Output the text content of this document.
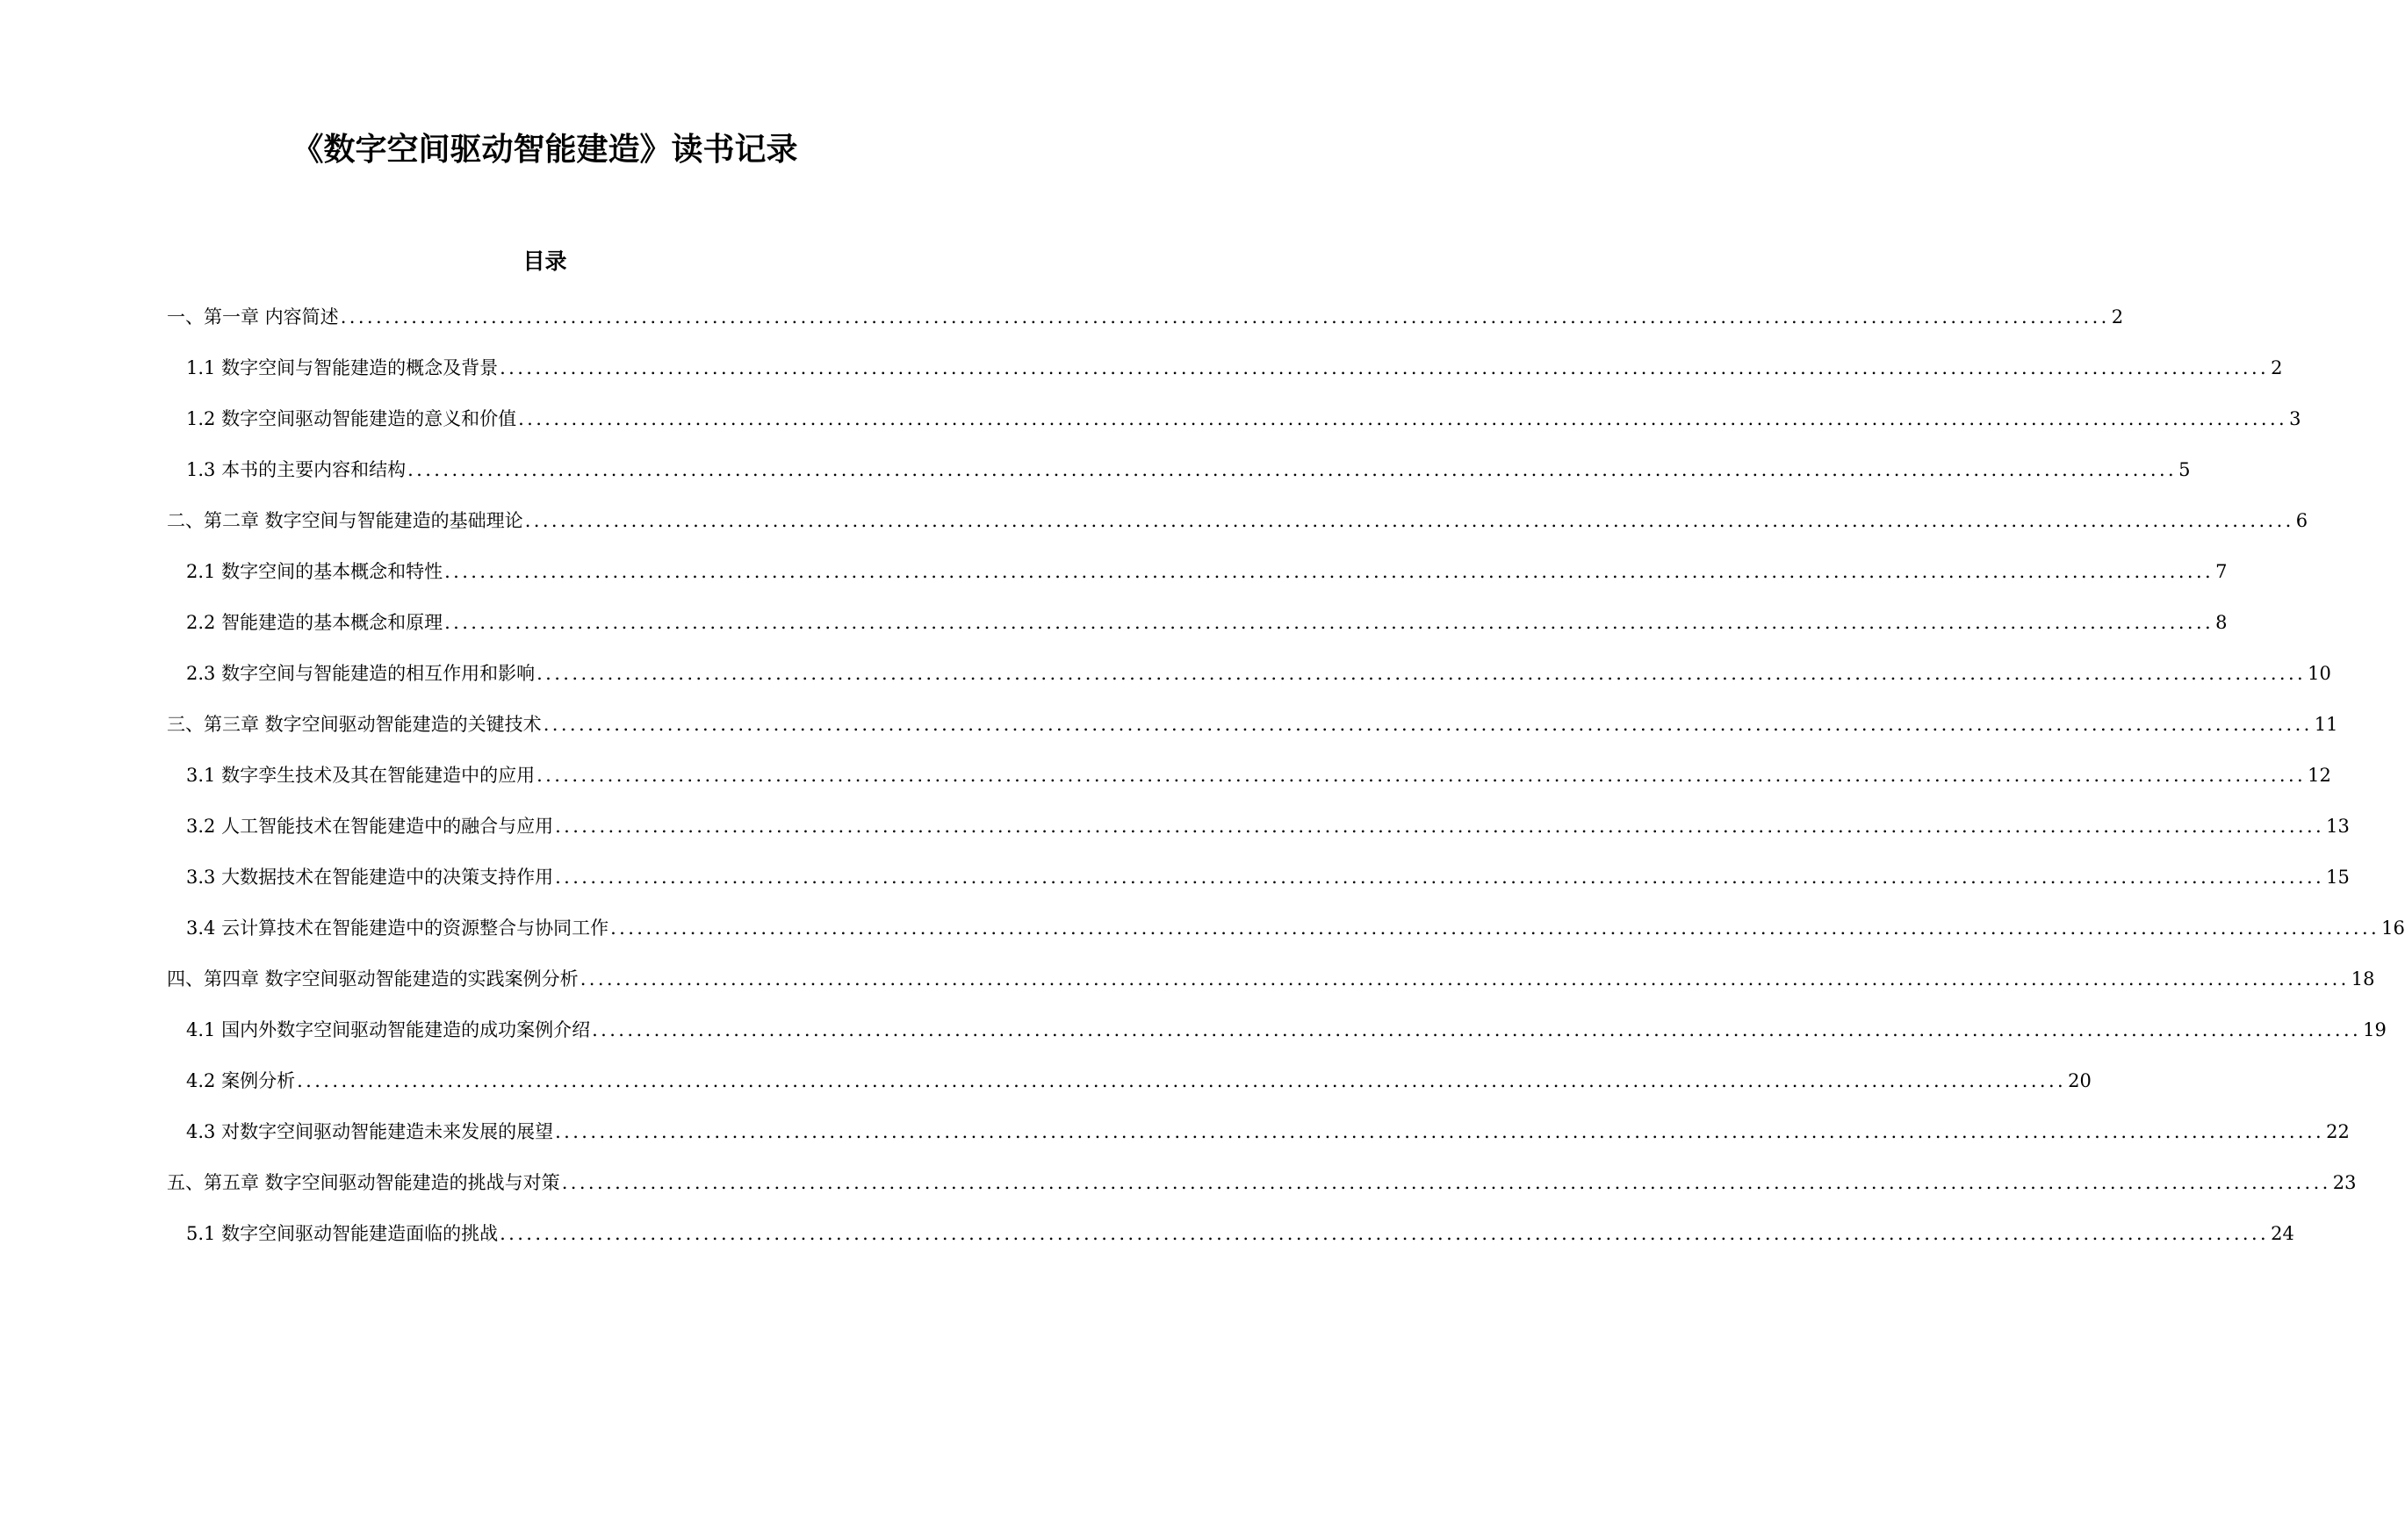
《数字空间驱动智能建造》读书记录
目录
一、第一章 内容简述 ........................................................................................................................................................................................................ 2
1.1 数字空间与智能建造的概念及背景 ........................................................................................................................................................................................................ 2
1.2 数字空间驱动智能建造的意义和价值 ........................................................................................................................................................................................................ 3
1.3 本书的主要内容和结构 ........................................................................................................................................................................................................ 5
二、第二章 数字空间与智能建造的基础理论 ........................................................................................................................................................................................................ 6
2.1 数字空间的基本概念和特性 ........................................................................................................................................................................................................ 7
2.2 智能建造的基本概念和原理 ........................................................................................................................................................................................................ 8
2.3 数字空间与智能建造的相互作用和影响 ........................................................................................................................................................................................................ 10
三、第三章 数字空间驱动智能建造的关键技术 ........................................................................................................................................................................................................ 11
3.1 数字孪生技术及其在智能建造中的应用 ........................................................................................................................................................................................................ 12
3.2 人工智能技术在智能建造中的融合与应用 ........................................................................................................................................................................................................ 13
3.3 大数据技术在智能建造中的决策支持作用 ........................................................................................................................................................................................................ 15
3.4 云计算技术在智能建造中的资源整合与协同工作 ........................................................................................................................................................................................................ 16
四、第四章 数字空间驱动智能建造的实践案例分析 ........................................................................................................................................................................................................ 18
4.1 国内外数字空间驱动智能建造的成功案例介绍 ........................................................................................................................................................................................................ 19
4.2 案例分析 ........................................................................................................................................................................................................ 20
4.3 对数字空间驱动智能建造未来发展的展望 ........................................................................................................................................................................................................ 22
五、第五章 数字空间驱动智能建造的挑战与对策 ........................................................................................................................................................................................................ 23
5.1 数字空间驱动智能建造面临的挑战 ........................................................................................................................................................................................................ 24
